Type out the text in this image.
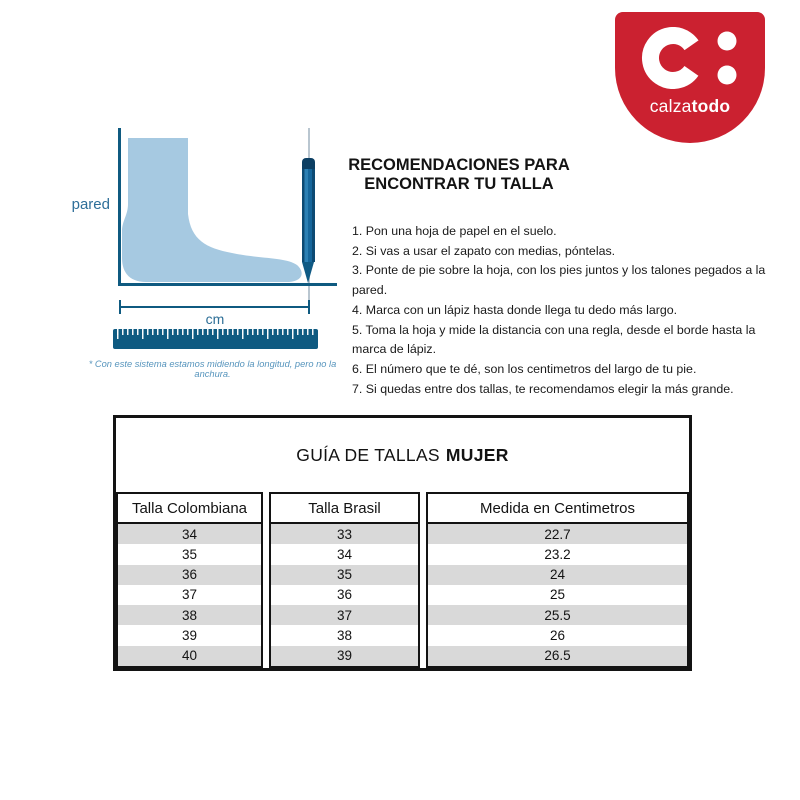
calzatodo
pared
cm
* Con este sistema estamos midiendo la longitud, pero no la anchura.
RECOMENDACIONES PARA
ENCONTRAR TU TALLA

1. Pon una hoja de papel en el suelo.

2. Si vas a usar el zapato con medias, póntelas.

3. Ponte de pie sobre la hoja, con los pies juntos y los talones pegados a la pared.

4. Marca con un lápiz hasta donde llega tu dedo más largo.

5. Toma la hoja y mide la distancia con una regla, desde el borde hasta la marca de lápiz.

6. El número que te dé, son los centimetros del largo de tu pie.

7. Si quedas entre dos tallas, te recomendamos elegir la más grande.

GUÍA DE TALLAS MUJER
Talla Colombiana
34
35
36
37
38
39
40
Talla Brasil
33
34
35
36
37
38
39
Medida en Centimetros
22.7
23.2
24
25
25.5
26
26.5
